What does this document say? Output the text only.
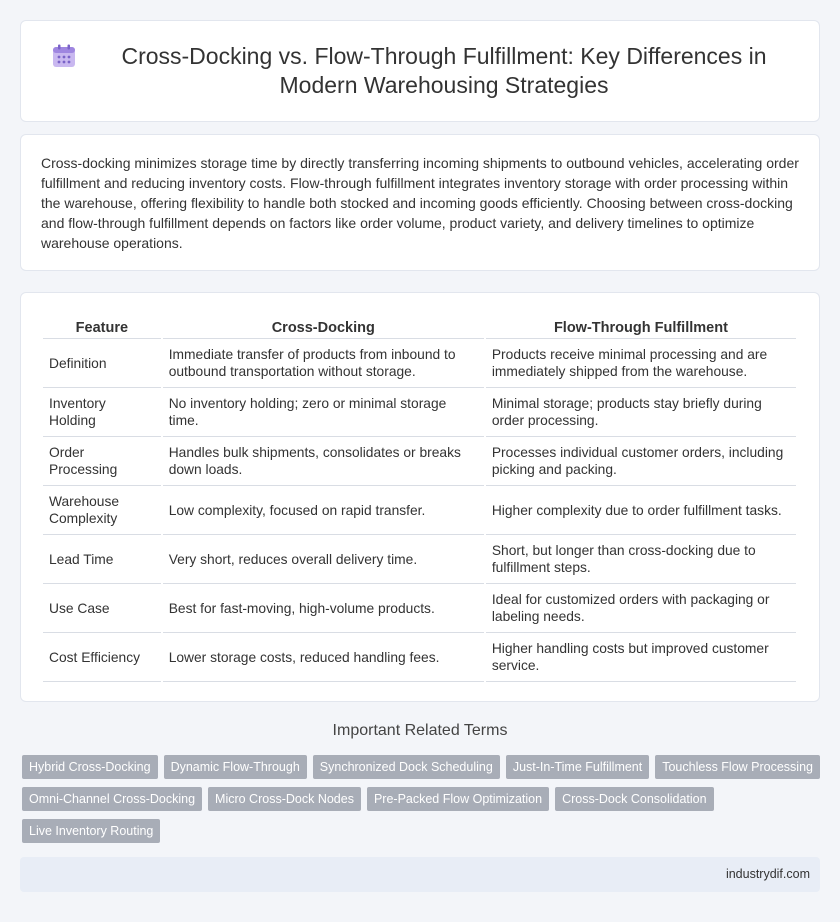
Cross-Docking vs. Flow-Through Fulfillment: Key Differences in Modern Warehousing Strategies

Cross-docking minimizes storage time by directly transferring incoming shipments to outbound vehicles, accelerating order fulfillment and reducing inventory costs. Flow-through fulfillment integrates inventory storage with order processing within the warehouse, offering flexibility to handle both stocked and incoming goods efficiently. Choosing between cross-docking and flow-through fulfillment depends on factors like order volume, product variety, and delivery timelines to optimize warehouse operations.

Feature	Cross-Docking	Flow-Through Fulfillment
Definition	Immediate transfer of products from inbound to outbound transportation without storage.	Products receive minimal processing and are immediately shipped from the warehouse.
Inventory Holding	No inventory holding; zero or minimal storage time.	Minimal storage; products stay briefly during order processing.
Order Processing	Handles bulk shipments, consolidates or breaks down loads.	Processes individual customer orders, including picking and packing.
Warehouse Complexity	Low complexity, focused on rapid transfer.	Higher complexity due to order fulfillment tasks.
Lead Time	Very short, reduces overall delivery time.	Short, but longer than cross-docking due to fulfillment steps.
Use Case	Best for fast-moving, high-volume products.	Ideal for customized orders with packaging or labeling needs.
Cost Efficiency	Lower storage costs, reduced handling fees.	Higher handling costs but improved customer service.
Important Related Terms
Hybrid Cross-Docking	Dynamic Flow-Through	Synchronized Dock Scheduling	Just-In-Time Fulfillment	Touchless Flow Processing
Omni-Channel Cross-Docking	Micro Cross-Dock Nodes	Pre-Packed Flow Optimization	Cross-Dock Consolidation
Live Inventory Routing
industrydif.com
